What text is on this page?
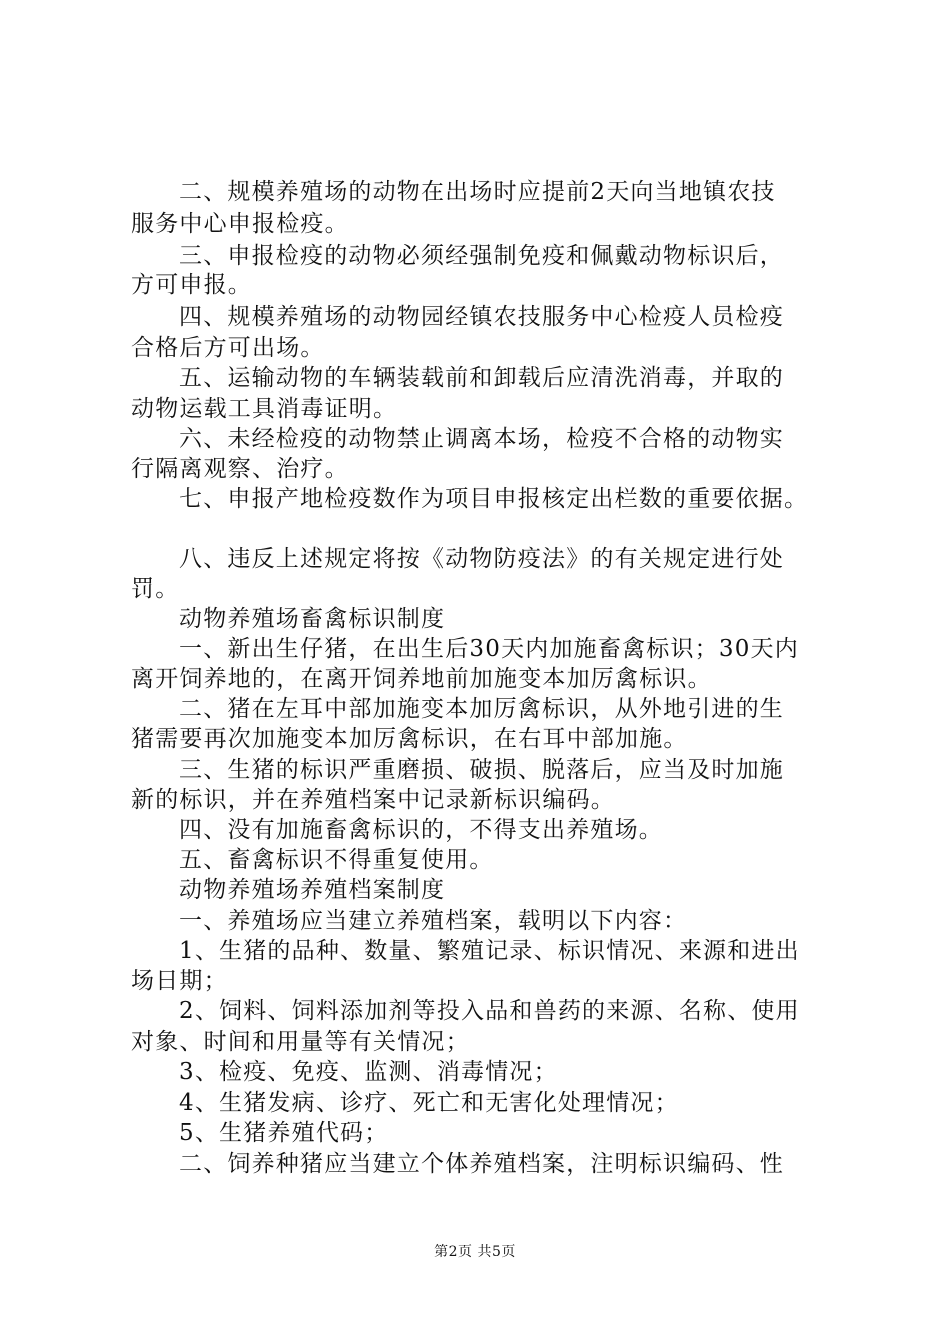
二、规模养殖场的动物在出场时应提前2天向当地镇农技
服务中心申报检疫。
三、申报检疫的动物必须经强制免疫和佩戴动物标识后，
方可申报。
四、规模养殖场的动物园经镇农技服务中心检疫人员检疫
合格后方可出场。
五、运输动物的车辆装载前和卸载后应清洗消毒，并取的
动物运载工具消毒证明。
六、未经检疫的动物禁止调离本场，检疫不合格的动物实
行隔离观察、治疗。
七、申报产地检疫数作为项目申报核定出栏数的重要依据。
八、违反上述规定将按《动物防疫法》的有关规定进行处
罚。
动物养殖场畜禽标识制度
一、新出生仔猪，在出生后30天内加施畜禽标识；30天内
离开饲养地的，在离开饲养地前加施变本加厉禽标识。
二、猪在左耳中部加施变本加厉禽标识，从外地引进的生
猪需要再次加施变本加厉禽标识，在右耳中部加施。
三、生猪的标识严重磨损、破损、脱落后，应当及时加施
新的标识，并在养殖档案中记录新标识编码。
四、没有加施畜禽标识的，不得支出养殖场。
五、畜禽标识不得重复使用。
动物养殖场养殖档案制度
一、养殖场应当建立养殖档案，载明以下内容：
1、生猪的品种、数量、繁殖记录、标识情况、来源和进出
场日期；
2、饲料、饲料添加剂等投入品和兽药的来源、名称、使用
对象、时间和用量等有关情况；
3、检疫、免疫、监测、消毒情况；
4、生猪发病、诊疗、死亡和无害化处理情况；
5、生猪养殖代码；
二、饲养种猪应当建立个体养殖档案，注明标识编码、性
第2页 共5页
